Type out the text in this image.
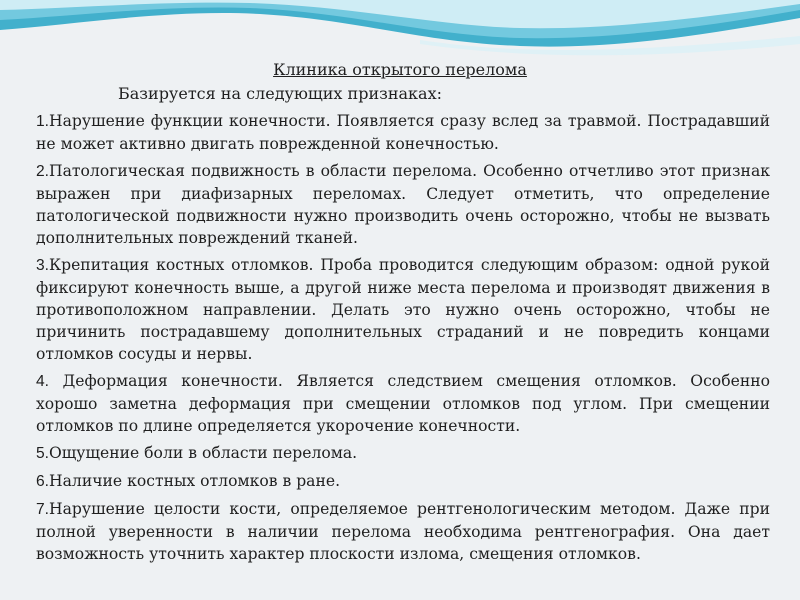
Клиника открытого перелома

Базируется на следующих признаках:

1.Нарушение функции конечности. Появляется сразу вслед за травмой. Пострадавший не может активно двигать поврежденной конечностью.
2.Патологическая подвижность в области перелома. Особенно отчетливо этот признак выражен при диафизарных переломах. Следует отметить, что определение патологической подвижности нужно производить очень осторожно, чтобы не вызвать дополнительных повреждений тканей.
3.Крепитация костных отломков. Проба проводится следующим образом: одной рукой фиксируют конечность выше, а другой ниже места перелома и производят движения в противоположном направлении. Делать это нужно очень осторожно, чтобы не причинить пострадавшему дополнительных страданий и не повредить концами отломков сосуды и нервы.
4. Деформация конечности. Является следствием смещения отломков. Особенно хорошо заметна деформация при смещении отломков под углом. При смещении отломков по длине определяется укорочение конечности.
5.Ощущение боли в области перелома.
6.Наличие костных отломков в ране.
7.Нарушение целости кости, определяемое рентгенологическим методом. Даже при полной уверенности в наличии перелома необходима рентгенография. Она дает возможность уточнить характер плоскости излома, смещения отломков.
